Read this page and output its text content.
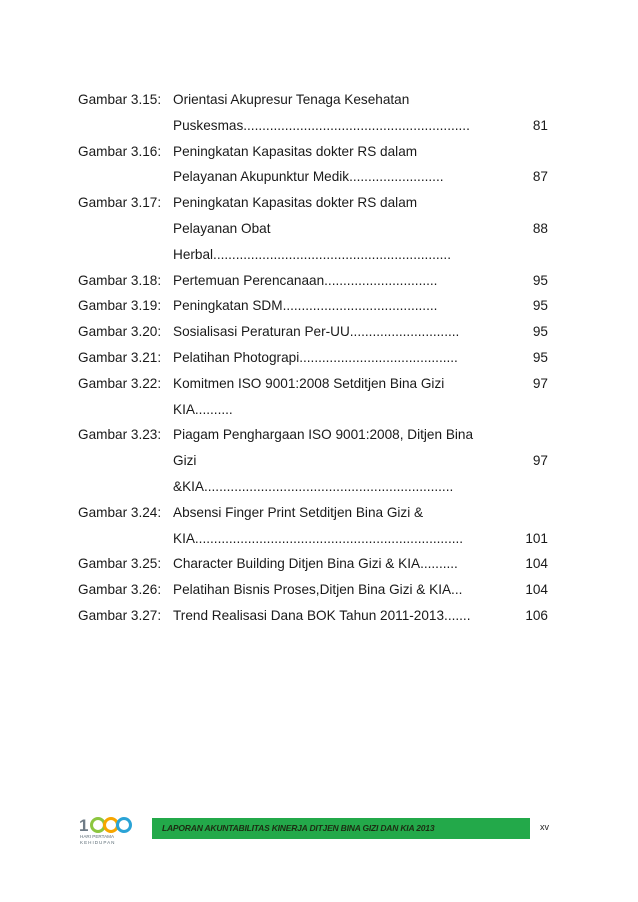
Gambar 3.15: Orientasi Akupresur Tenaga Kesehatan
Puskesmas............................................................	81
Gambar 3.16: Peningkatan Kapasitas dokter RS dalam
Pelayanan Akupunktur Medik.........................	87
Gambar 3.17: Peningkatan Kapasitas dokter RS dalam
Pelayanan Obat	88
Herbal...............................................................
Gambar 3.18: Pertemuan Perencanaan..............................	95
Gambar 3.19: Peningkatan SDM.........................................	95
Gambar 3.20: Sosialisasi Peraturan Per-UU.............................	95
Gambar 3.21: Pelatihan Photograpi..........................................	95
Gambar 3.22: Komitmen ISO 9001:2008 Setditjen Bina Gizi	97
KIA..........
Gambar 3.23: Piagam Penghargaan ISO 9001:2008, Ditjen Bina
Gizi	97
&KIA..................................................................
Gambar 3.24: Absensi Finger Print Setditjen Bina Gizi &
KIA.......................................................................	101
Gambar 3.25: Character Building Ditjen Bina Gizi & KIA..........	104
Gambar 3.26: Pelatihan Bisnis Proses,Ditjen Bina Gizi & KIA...	104
Gambar 3.27: Trend Realisasi Dana BOK Tahun 2011-2013.......	106
1
HARI PERTAMA
KEHIDUPAN
LAPORAN AKUNTABILITAS KINERJA DITJEN BINA GIZI DAN KIA 2013	xv
